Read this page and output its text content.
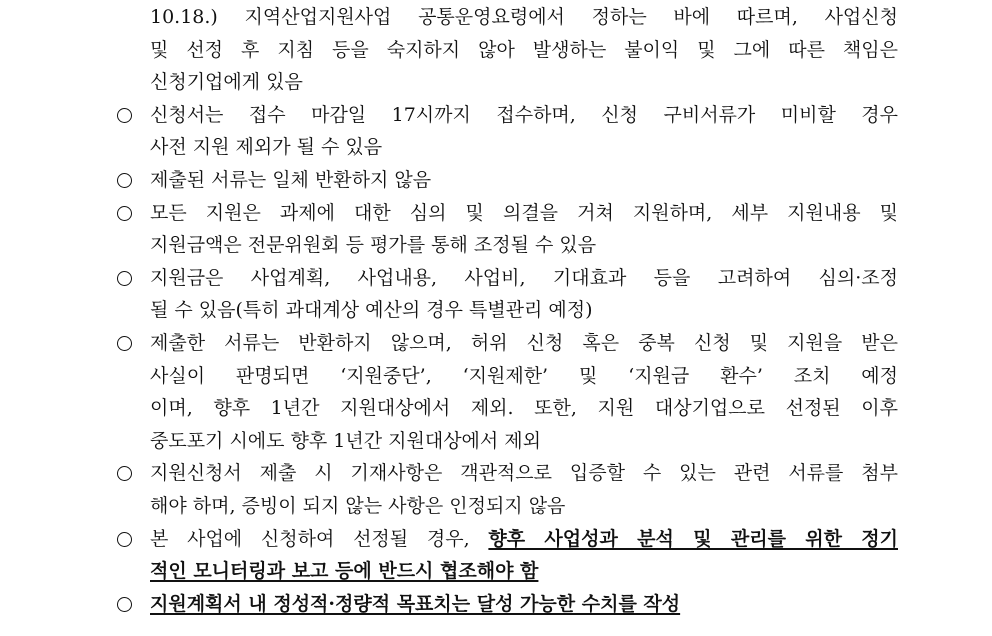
10.18.) 지역산업지원사업 공통운영요령에서 정하는 바에 따르며, 사업신청
및 선정 후 지침 등을 숙지하지 않아 발생하는 불이익 및 그에 따른 책임은
신청기업에게 있음
신청서는 접수 마감일 17시까지 접수하며, 신청 구비서류가 미비할 경우
사전 지원 제외가 될 수 있음
제출된 서류는 일체 반환하지 않음
모든 지원은 과제에 대한 심의 및 의결을 거쳐 지원하며, 세부 지원내용 및
지원금액은 전문위원회 등 평가를 통해 조정될 수 있음
지원금은 사업계획, 사업내용, 사업비, 기대효과 등을 고려하여 심의·조정
될 수 있음(특히 과대계상 예산의 경우 특별관리 예정)
제출한 서류는 반환하지 않으며, 허위 신청 혹은 중복 신청 및 지원을 받은
사실이 판명되면 ‘지원중단’, ‘지원제한’ 및 ‘지원금 환수’ 조치 예정
이며, 향후 1년간 지원대상에서 제외. 또한, 지원 대상기업으로 선정된 이후
중도포기 시에도 향후 1년간 지원대상에서 제외
지원신청서 제출 시 기재사항은 객관적으로 입증할 수 있는 관련 서류를 첨부
해야 하며, 증빙이 되지 않는 사항은 인정되지 않음
본 사업에 신청하여 선정될 경우, 향후 사업성과 분석 및 관리를 위한 정기
적인 모니터링과 보고 등에 반드시 협조해야 함
지원계획서 내 정성적·정량적 목표치는 달성 가능한 수치를 작성
